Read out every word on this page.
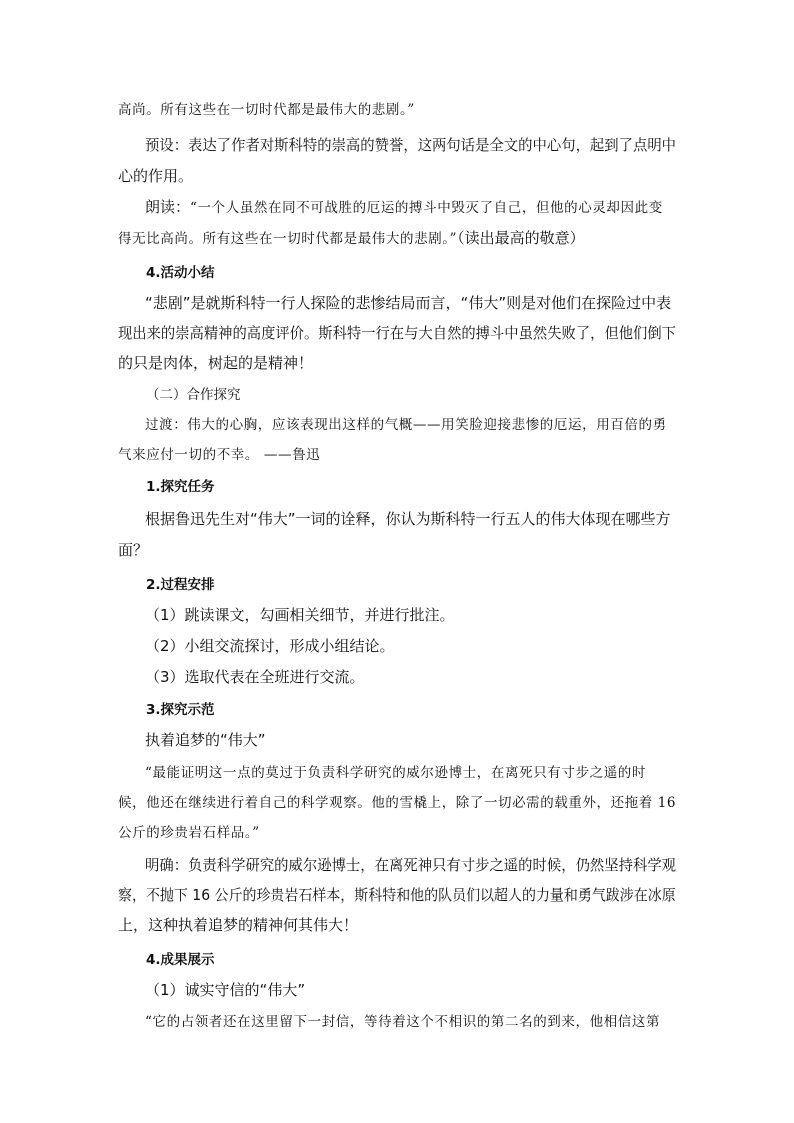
高尚。所有这些在一切时代都是最伟大的悲剧。”
预设：表达了作者对斯科特的崇高的赞誉，这两句话是全文的中心句，起到了点明中
心的作用。
朗读：“一个人虽然在同不可战胜的厄运的搏斗中毁灭了自己，但他的心灵却因此变
得无比高尚。所有这些在一切时代都是最伟大的悲剧。”（读出最高的敬意）
4.活动小结
“悲剧”是就斯科特一行人探险的悲惨结局而言，“伟大”则是对他们在探险过中表
现出来的崇高精神的高度评价。斯科特一行在与大自然的搏斗中虽然失败了，但他们倒下
的只是肉体，树起的是精神！
（二）合作探究
过渡：伟大的心胸，应该表现出这样的气概——用笑脸迎接悲惨的厄运，用百倍的勇
气来应付一切的不幸。 ——鲁迅
1.探究任务
根据鲁迅先生对“伟大”一词的诠释，你认为斯科特一行五人的伟大体现在哪些方
面？
2.过程安排
（1）跳读课文，勾画相关细节，并进行批注。
（2）小组交流探讨，形成小组结论。
（3）选取代表在全班进行交流。
3.探究示范
执着追梦的“伟大”
“最能证明这一点的莫过于负责科学研究的威尔逊博士，在离死只有寸步之遥的时
候，他还在继续进行着自己的科学观察。他的雪橇上，除了一切必需的载重外，还拖着 16
公斤的珍贵岩石样品。”
明确：负责科学研究的威尔逊博士，在离死神只有寸步之遥的时候，仍然坚持科学观
察，不抛下 16 公斤的珍贵岩石样本，斯科特和他的队员们以超人的力量和勇气跋涉在冰原
上，这种执着追梦的精神何其伟大！
4.成果展示
（1）诚实守信的“伟大”
“它的占领者还在这里留下一封信，等待着这个不相识的第二名的到来，他相信这第
